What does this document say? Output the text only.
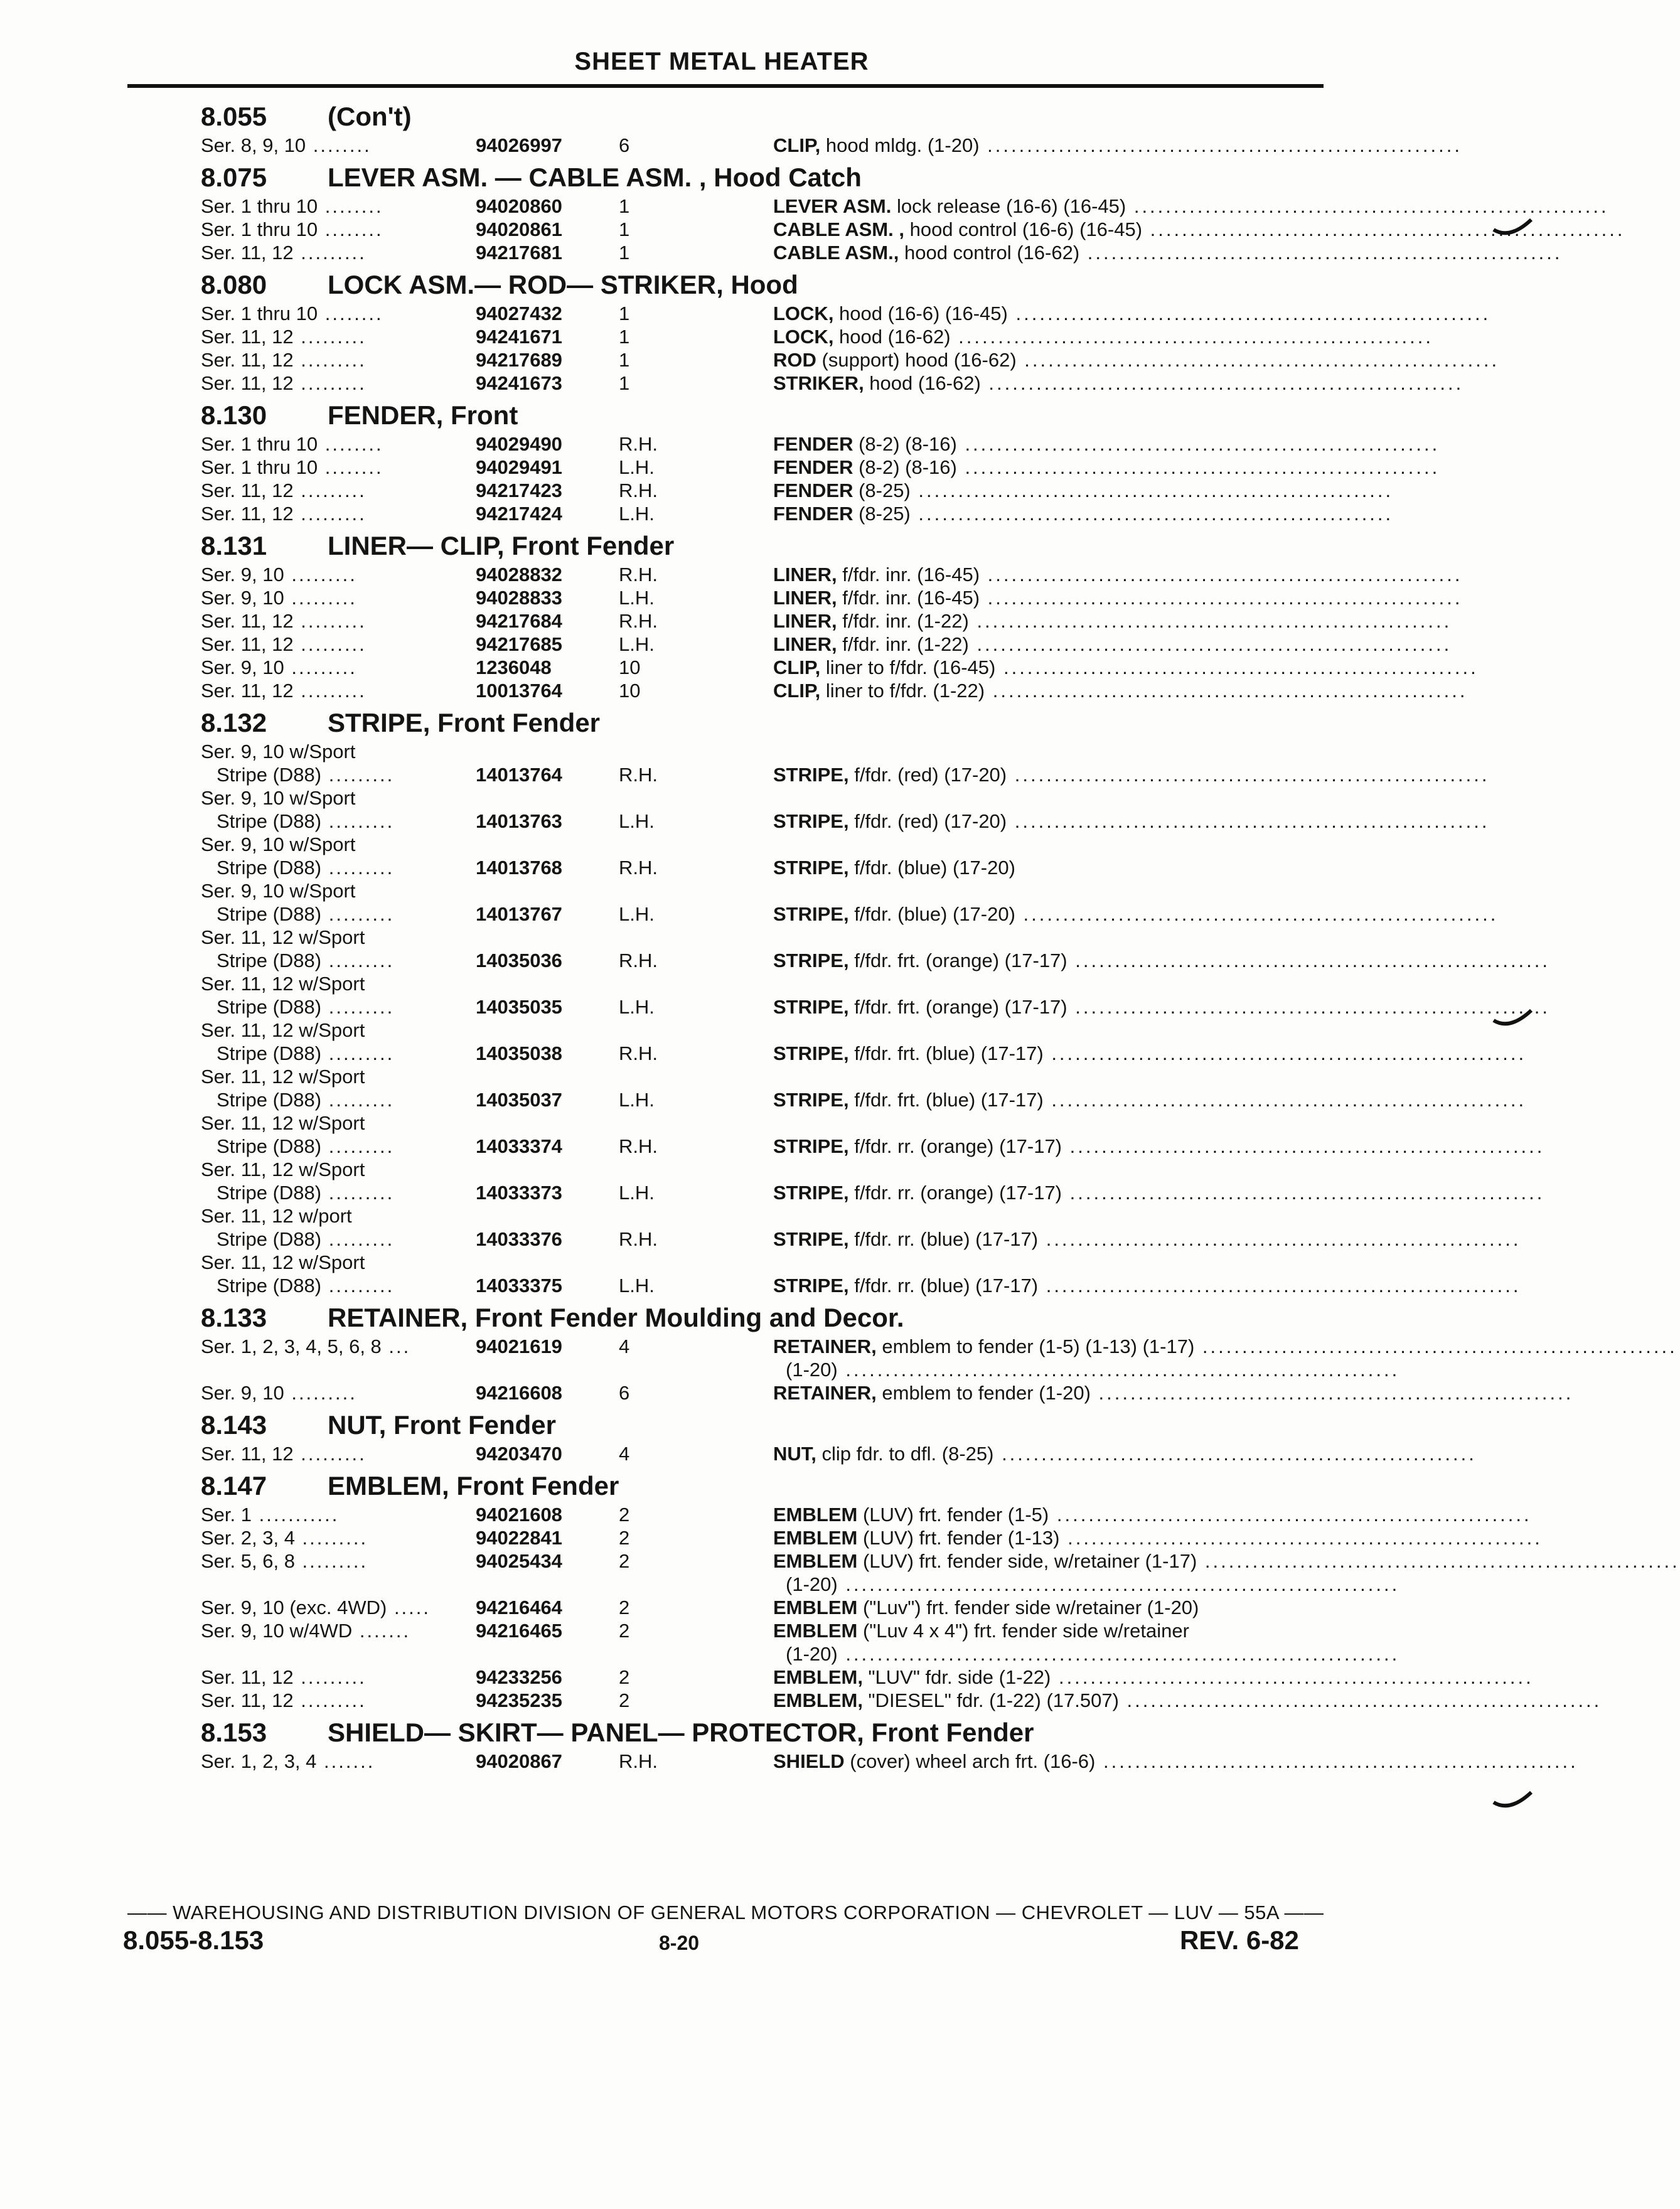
SHEET METAL HEATER
8.055 (Con't)
Ser. 8, 9, 10 ........	94026997	6	CLIP, hood mldg. (1-20) ............................................................
8.075 LEVER ASM. — CABLE ASM. , Hood Catch
Ser. 1 thru 10 ........	94020860	1	LEVER ASM. lock release (16-6) (16-45) ............................................................
Ser. 1 thru 10 ........	94020861	1	CABLE ASM. , hood control (16-6) (16-45) ............................................................
Ser. 11, 12 .........	94217681	1	CABLE ASM., hood control (16-62) ............................................................
8.080 LOCK ASM.— ROD— STRIKER, Hood
Ser. 1 thru 10 ........	94027432	1	LOCK, hood (16-6) (16-45) ............................................................
Ser. 11, 12 .........	94241671	1	LOCK, hood (16-62) ............................................................
Ser. 11, 12 .........	94217689	1	ROD (support) hood (16-62) ............................................................
Ser. 11, 12 .........	94241673	1	STRIKER, hood (16-62) ............................................................
8.130 FENDER, Front
Ser. 1 thru 10 ........	94029490	R.H.	FENDER (8-2) (8-16) ............................................................
Ser. 1 thru 10 ........	94029491	L.H.	FENDER (8-2) (8-16) ............................................................
Ser. 11, 12 .........	94217423	R.H.	FENDER (8-25) ............................................................
Ser. 11, 12 .........	94217424	L.H.	FENDER (8-25) ............................................................
8.131 LINER— CLIP, Front Fender
Ser. 9, 10 .........	94028832	R.H.	LINER, f/fdr. inr. (16-45) ............................................................
Ser. 9, 10 .........	94028833	L.H.	LINER, f/fdr. inr. (16-45) ............................................................
Ser. 11, 12 .........	94217684	R.H.	LINER, f/fdr. inr. (1-22) ............................................................
Ser. 11, 12 .........	94217685	L.H.	LINER, f/fdr. inr. (1-22) ............................................................
Ser. 9, 10 .........	1236048	10	CLIP, liner to f/fdr. (16-45) ............................................................
Ser. 11, 12 .........	10013764	10	CLIP, liner to f/fdr. (1-22) ............................................................
8.132 STRIPE, Front Fender
Ser. 9, 10 w/Sport
Stripe (D88) .........	14013764	R.H.	STRIPE, f/fdr. (red) (17-20) ............................................................
Ser. 9, 10 w/Sport
Stripe (D88) .........	14013763	L.H.	STRIPE, f/fdr. (red) (17-20) ............................................................
Ser. 9, 10 w/Sport
Stripe (D88) .........	14013768	R.H.	STRIPE, f/fdr. (blue) (17-20)
Ser. 9, 10 w/Sport
Stripe (D88) .........	14013767	L.H.	STRIPE, f/fdr. (blue) (17-20) ............................................................
Ser. 11, 12 w/Sport
Stripe (D88) .........	14035036	R.H.	STRIPE, f/fdr. frt. (orange) (17-17) ............................................................
Ser. 11, 12 w/Sport
Stripe (D88) .........	14035035	L.H.	STRIPE, f/fdr. frt. (orange) (17-17) ............................................................
Ser. 11, 12 w/Sport
Stripe (D88) .........	14035038	R.H.	STRIPE, f/fdr. frt. (blue) (17-17) ............................................................
Ser. 11, 12 w/Sport
Stripe (D88) .........	14035037	L.H.	STRIPE, f/fdr. frt. (blue) (17-17) ............................................................
Ser. 11, 12 w/Sport
Stripe (D88) .........	14033374	R.H.	STRIPE, f/fdr. rr. (orange) (17-17) ............................................................
Ser. 11, 12 w/Sport
Stripe (D88) .........	14033373	L.H.	STRIPE, f/fdr. rr. (orange) (17-17) ............................................................
Ser. 11, 12 w/port
Stripe (D88) .........	14033376	R.H.	STRIPE, f/fdr. rr. (blue) (17-17) ............................................................
Ser. 11, 12 w/Sport
Stripe (D88) .........	14033375	L.H.	STRIPE, f/fdr. rr. (blue) (17-17) ............................................................
8.133 RETAINER, Front Fender Moulding and Decor.
Ser. 1, 2, 3, 4, 5, 6, 8 ...	94021619	4	RETAINER, emblem to fender (1-5) (1-13) (1-17) ............................................................
(1-20) ......................................................................
Ser. 9, 10 .........	94216608	6	RETAINER, emblem to fender (1-20) ............................................................
8.143 NUT, Front Fender
Ser. 11, 12 .........	94203470	4	NUT, clip fdr. to dfl. (8-25) ............................................................
8.147 EMBLEM, Front Fender
Ser. 1 ...........	94021608	2	EMBLEM (LUV) frt. fender (1-5) ............................................................
Ser. 2, 3, 4 .........	94022841	2	EMBLEM (LUV) frt. fender (1-13) ............................................................
Ser. 5, 6, 8 .........	94025434	2	EMBLEM (LUV) frt. fender side, w/retainer (1-17) ............................................................
(1-20) ......................................................................
Ser. 9, 10 (exc. 4WD) ..... 94216464	2	EMBLEM ("Luv") frt. fender side w/retainer (1-20)
Ser. 9, 10 w/4WD .......	94216465	2	EMBLEM ("Luv 4 x 4") frt. fender side w/retainer
(1-20) ......................................................................
Ser. 11, 12 .........	94233256	2	EMBLEM, "LUV" fdr. side (1-22) ............................................................
Ser. 11, 12 .........	94235235	2	EMBLEM, "DIESEL" fdr. (1-22) (17.507) ............................................................
8.153 SHIELD— SKIRT— PANEL— PROTECTOR, Front Fender
Ser. 1, 2, 3, 4 .......	94020867	R.H.	SHIELD (cover) wheel arch frt. (16-6) ............................................................
—— WAREHOUSING AND DISTRIBUTION DIVISION OF GENERAL MOTORS CORPORATION — CHEVROLET — LUV — 55A ——
8.055-8.153	8-20	REV. 6-82
